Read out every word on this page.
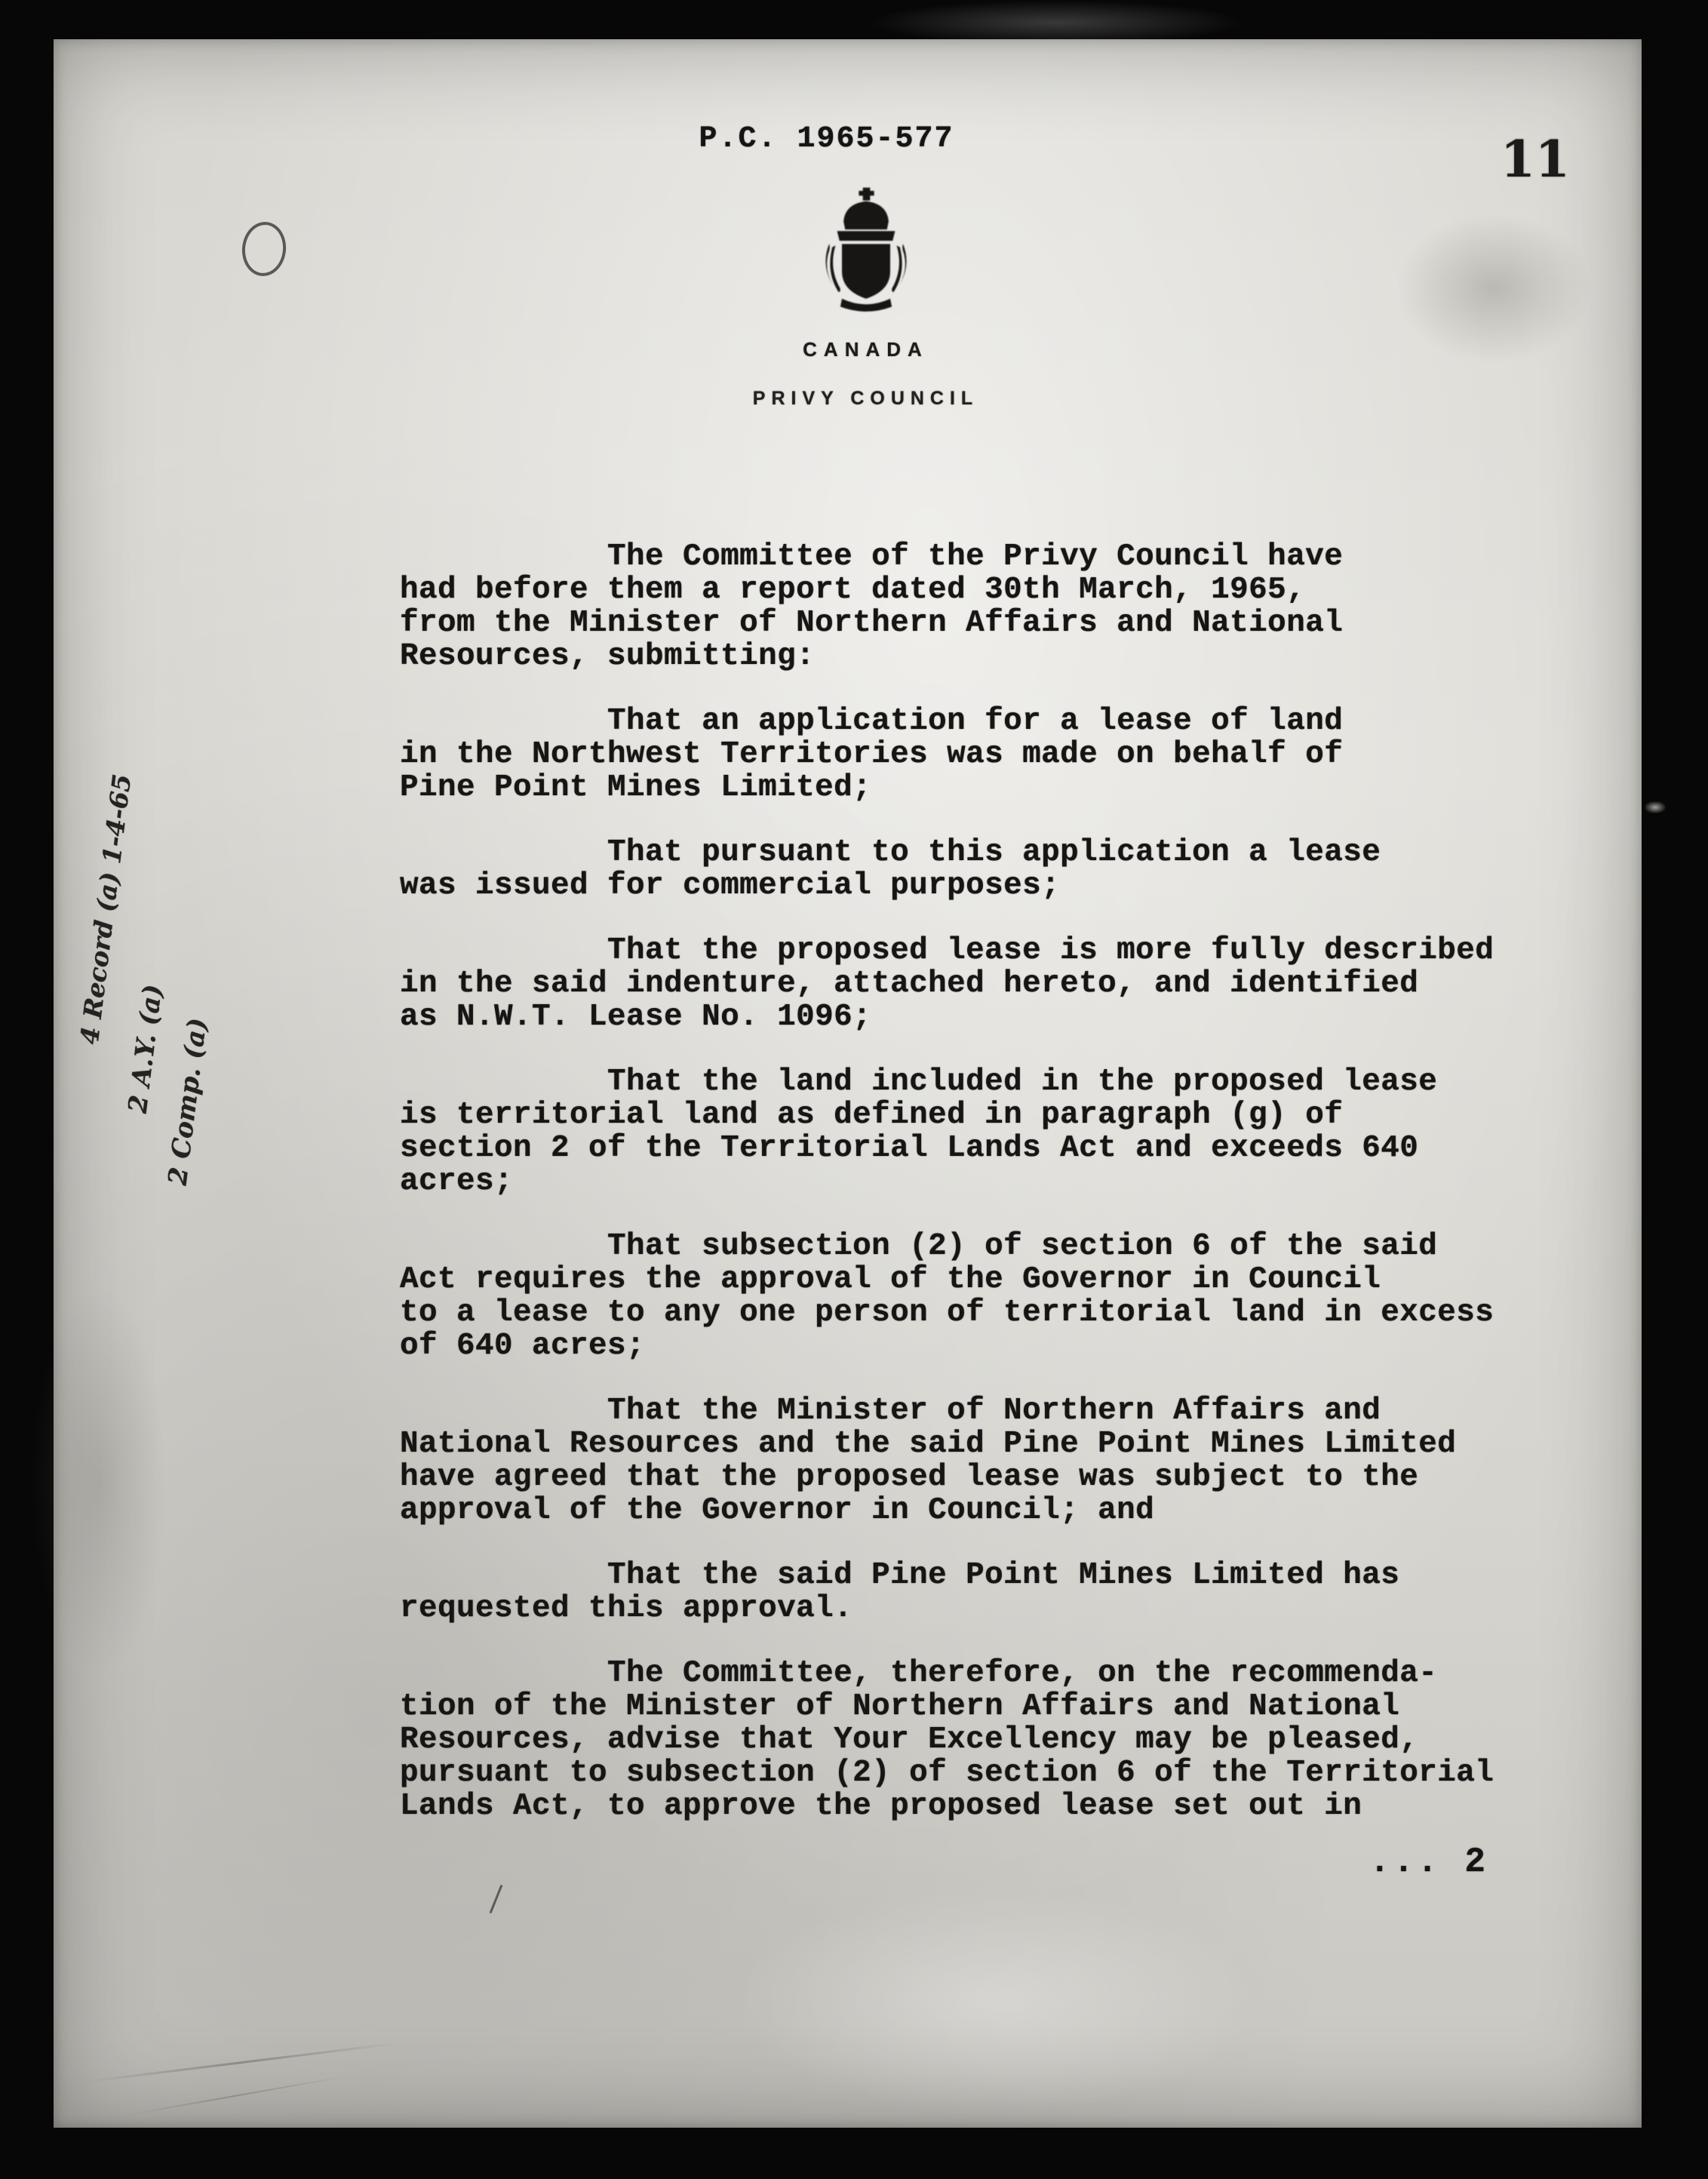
P.C. 1965-577	11
CANADA
PRIVY COUNCIL

The Committee of the Privy Council have
had before them a report dated 30th March, 1965,
from the Minister of Northern Affairs and National
Resources, submitting:

That an application for a lease of land
in the Northwest Territories was made on behalf of
Pine Point Mines Limited;

That pursuant to this application a lease
was issued for commercial purposes;

That the proposed lease is more fully described
in the said indenture, attached hereto, and identified
as N.W.T. Lease No. 1096;

That the land included in the proposed lease
is territorial land as defined in paragraph (g) of
section 2 of the Territorial Lands Act and exceeds 640
acres;

That subsection (2) of section 6 of the said
Act requires the approval of the Governor in Council
to a lease to any one person of territorial land in excess
of 640 acres;

That the Minister of Northern Affairs and
National Resources and the said Pine Point Mines Limited
have agreed that the proposed lease was subject to the
approval of the Governor in Council; and

That the said Pine Point Mines Limited has
requested this approval.

The Committee, therefore, on the recommenda-
tion of the Minister of Northern Affairs and National
Resources, advise that Your Excellency may be pleased,
pursuant to subsection (2) of section 6 of the Territorial
Lands Act, to approve the proposed lease set out in

... 2
4 Record (a) 1-4-65
2 A.Y. (a)
2 Comp. (a)
